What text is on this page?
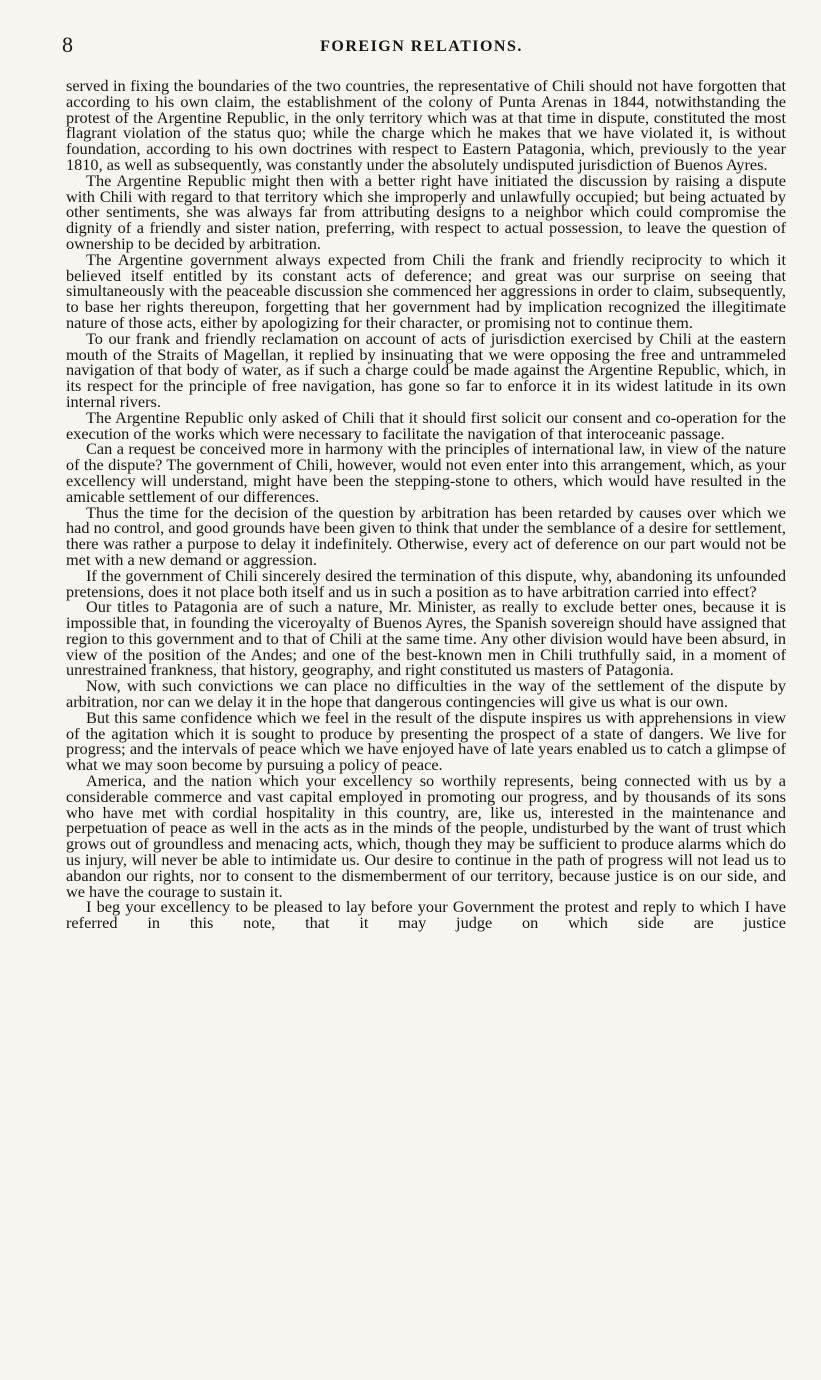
8	FOREIGN RELATIONS.

served in fixing the boundaries of the two countries, the representative of Chili should not have forgotten that according to his own claim, the establishment of the colony of Punta Arenas in 1844, notwithstanding the protest of the Argentine Republic, in the only territory which was at that time in dispute, constituted the most flagrant violation of the status quo; while the charge which he makes that we have violated it, is without foundation, according to his own doctrines with respect to Eastern Patagonia, which, previously to the year 1810, as well as subsequently, was constantly under the absolutely undisputed jurisdiction of Buenos Ayres.

The Argentine Republic might then with a better right have initiated the discussion by raising a dispute with Chili with regard to that territory which she improperly and unlawfully occupied; but being actuated by other sentiments, she was always far from attributing designs to a neighbor which could compromise the dignity of a friendly and sister nation, preferring, with respect to actual possession, to leave the question of ownership to be decided by arbitration.

The Argentine government always expected from Chili the frank and friendly reciprocity to which it believed itself entitled by its constant acts of deference; and great was our surprise on seeing that simultaneously with the peaceable discussion she commenced her aggressions in order to claim, subsequently, to base her rights thereupon, forgetting that her government had by implication recognized the illegitimate nature of those acts, either by apologizing for their character, or promising not to continue them.

To our frank and friendly reclamation on account of acts of jurisdiction exercised by Chili at the eastern mouth of the Straits of Magellan, it replied by insinuating that we were opposing the free and untrammeled navigation of that body of water, as if such a charge could be made against the Argentine Republic, which, in its respect for the principle of free navigation, has gone so far to enforce it in its widest latitude in its own internal rivers.

The Argentine Republic only asked of Chili that it should first solicit our consent and co-operation for the execution of the works which were necessary to facilitate the navigation of that interoceanic passage.

Can a request be conceived more in harmony with the principles of international law, in view of the nature of the dispute? The government of Chili, however, would not even enter into this arrangement, which, as your excellency will understand, might have been the stepping-stone to others, which would have resulted in the amicable settlement of our differences.

Thus the time for the decision of the question by arbitration has been retarded by causes over which we had no control, and good grounds have been given to think that under the semblance of a desire for settlement, there was rather a purpose to delay it indefinitely. Otherwise, every act of deference on our part would not be met with a new demand or aggression.

If the government of Chili sincerely desired the termination of this dispute, why, abandoning its unfounded pretensions, does it not place both itself and us in such a position as to have arbitration carried into effect?

Our titles to Patagonia are of such a nature, Mr. Minister, as really to exclude better ones, because it is impossible that, in founding the viceroyalty of Buenos Ayres, the Spanish sovereign should have assigned that region to this government and to that of Chili at the same time. Any other division would have been absurd, in view of the position of the Andes; and one of the best-known men in Chili truthfully said, in a moment of unrestrained frankness, that history, geography, and right constituted us masters of Patagonia.

Now, with such convictions we can place no difficulties in the way of the settlement of the dispute by arbitration, nor can we delay it in the hope that dangerous contingencies will give us what is our own.

But this same confidence which we feel in the result of the dispute inspires us with apprehensions in view of the agitation which it is sought to produce by presenting the prospect of a state of dangers. We live for progress; and the intervals of peace which we have enjoyed have of late years enabled us to catch a glimpse of what we may soon become by pursuing a policy of peace.

America, and the nation which your excellency so worthily represents, being connected with us by a considerable commerce and vast capital employed in promoting our progress, and by thousands of its sons who have met with cordial hospitality in this country, are, like us, interested in the maintenance and perpetuation of peace as well in the acts as in the minds of the people, undisturbed by the want of trust which grows out of groundless and menacing acts, which, though they may be sufficient to produce alarms which do us injury, will never be able to intimidate us. Our desire to continue in the path of progress will not lead us to abandon our rights, nor to consent to the dismemberment of our territory, because justice is on our side, and we have the courage to sustain it.

I beg your excellency to be pleased to lay before your Government the protest and reply to which I have referred in this note, that it may judge on which side are justice
